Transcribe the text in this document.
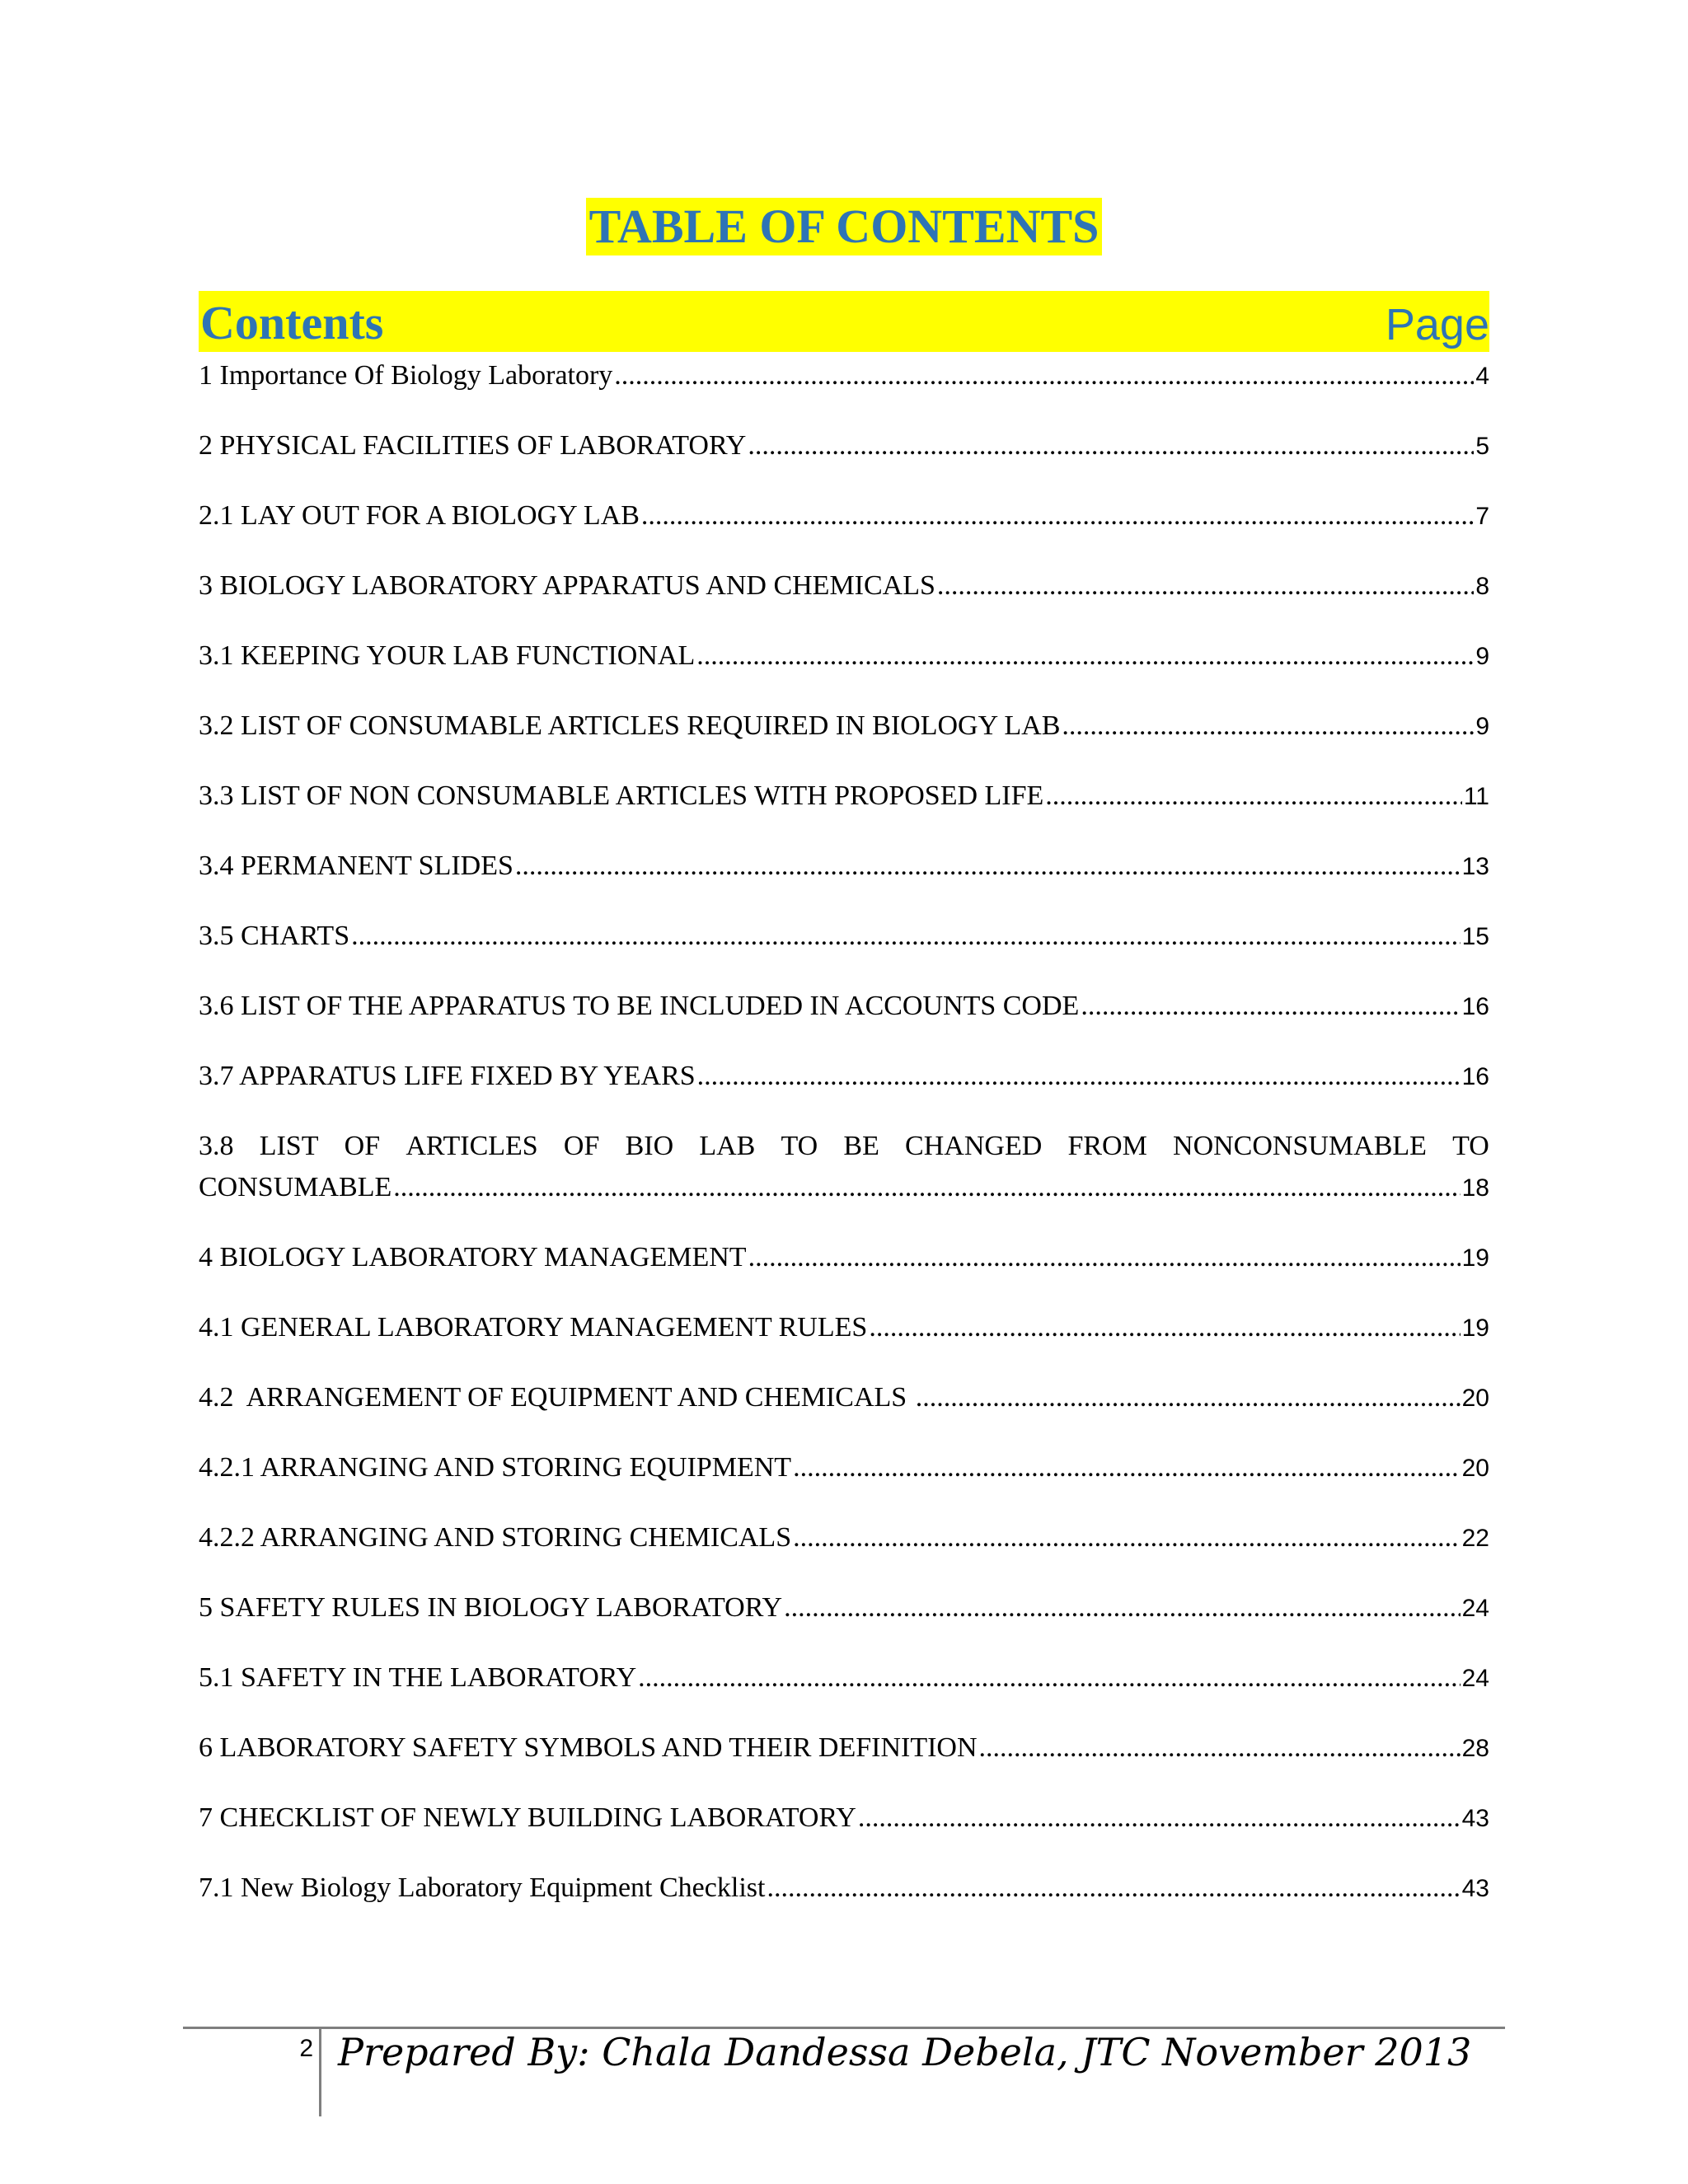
TABLE OF CONTENTS
Contents	Page
1 Importance Of Biology Laboratory .....	4
2 PHYSICAL FACILITIES OF LABORATORY .....	5
2.1 LAY OUT FOR A BIOLOGY LAB .....	7
3 BIOLOGY LABORATORY APPARATUS AND CHEMICALS .....	8
3.1 KEEPING YOUR LAB FUNCTIONAL .....	9
3.2 LIST OF CONSUMABLE ARTICLES REQUIRED IN BIOLOGY LAB .....	9
3.3 LIST OF NON CONSUMABLE ARTICLES WITH PROPOSED LIFE .....	11
3.4 PERMANENT SLIDES .....	13
3.5 CHARTS .....	15
3.6 LIST OF THE APPARATUS TO BE INCLUDED IN ACCOUNTS CODE .....	16
3.7 APPARATUS LIFE FIXED BY YEARS .....	16
3.8 LIST OF ARTICLES OF BIO LAB TO BE CHANGED FROM NONCONSUMABLE TO
CONSUMABLE .....	18
4 BIOLOGY LABORATORY MANAGEMENT .....	19
4.1 GENERAL LABORATORY MANAGEMENT RULES .....	19
4.2  ARRANGEMENT OF EQUIPMENT AND CHEMICALS .....	20
4.2.1 ARRANGING AND STORING EQUIPMENT .....	20
4.2.2 ARRANGING AND STORING CHEMICALS .....	22
5 SAFETY RULES IN BIOLOGY LABORATORY .....	24
5.1 SAFETY IN THE LABORATORY .....	24
6 LABORATORY SAFETY SYMBOLS AND THEIR DEFINITION .....	28
7 CHECKLIST OF NEWLY BUILDING LABORATORY .....	43
7.1 New Biology Laboratory Equipment Checklist .....	43
2 Prepared By: Chala Dandessa Debela, JTC November 2013
